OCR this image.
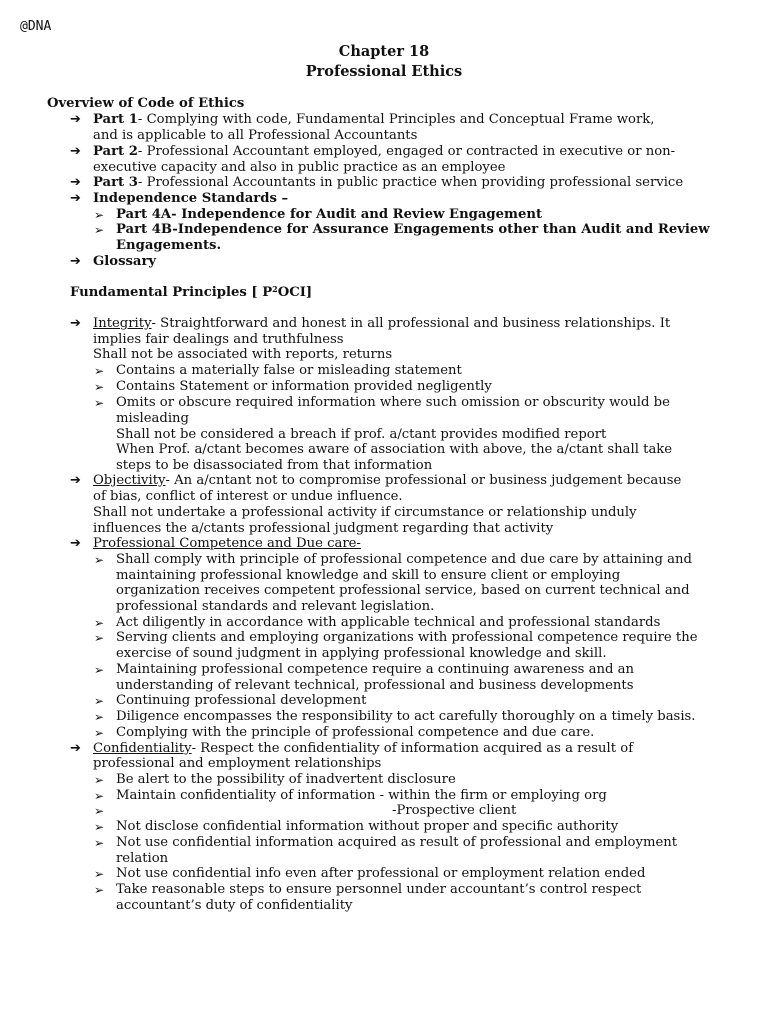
@DNA
Chapter 18
Professional Ethics
Overview of Code of Ethics
➔ Part 1- Complying with code, Fundamental Principles and Conceptual Frame work,
and is applicable to all Professional Accountants
➔ Part 2- Professional Accountant employed, engaged or contracted in executive or non-
executive capacity and also in public practice as an employee
➔ Part 3- Professional Accountants in public practice when providing professional service
➔ Independence Standards –
➢ Part 4A- Independence for Audit and Review Engagement
➢ Part 4B-Independence for Assurance Engagements other than Audit and Review
Engagements.
➔ Glossary
Fundamental Principles [ $P^2OCI$]
➔ Integrity- Straightforward and honest in all professional and business relationships. It
implies fair dealings and truthfulness
Shall not be associated with reports, returns
➢ Contains a materially false or misleading statement
➢ Contains Statement or information provided negligently
➢ Omits or obscure required information where such omission or obscurity would be
misleading
Shall not be considered a breach if prof. a/ctant provides modified report
When Prof. a/ctant becomes aware of association with above, the a/ctant shall take
steps to be disassociated from that information
➔ Objectivity- An a/cntant not to compromise professional or business judgement because
of bias, conflict of interest or undue influence.
Shall not undertake a professional activity if circumstance or relationship unduly
influences the a/ctants professional judgment regarding that activity
➔ Professional Competence and Due care-
➢ Shall comply with principle of professional competence and due care by attaining and
maintaining professional knowledge and skill to ensure client or employing
organization receives competent professional service, based on current technical and
professional standards and relevant legislation.
➢ Act diligently in accordance with applicable technical and professional standards
➢ Serving clients and employing organizations with professional competence require the
exercise of sound judgment in applying professional knowledge and skill.
➢ Maintaining professional competence require a continuing awareness and an
understanding of relevant technical, professional and business developments
➢ Continuing professional development
➢ Diligence encompasses the responsibility to act carefully thoroughly on a timely basis.
➢ Complying with the principle of professional competence and due care.
➔ Confidentiality- Respect the confidentiality of information acquired as a result of
professional and employment relationships
➢ Be alert to the possibility of inadvertent disclosure
➢ Maintain confidentiality of information - within the firm or employing org
➢	-Prospective client
➢ Not disclose confidential information without proper and specific authority
➢ Not use confidential information acquired as result of professional and employment
relation
➢ Not use confidential info even after professional or employment relation ended
➢ Take reasonable steps to ensure personnel under accountant’s control respect
accountant’s duty of confidentiality
